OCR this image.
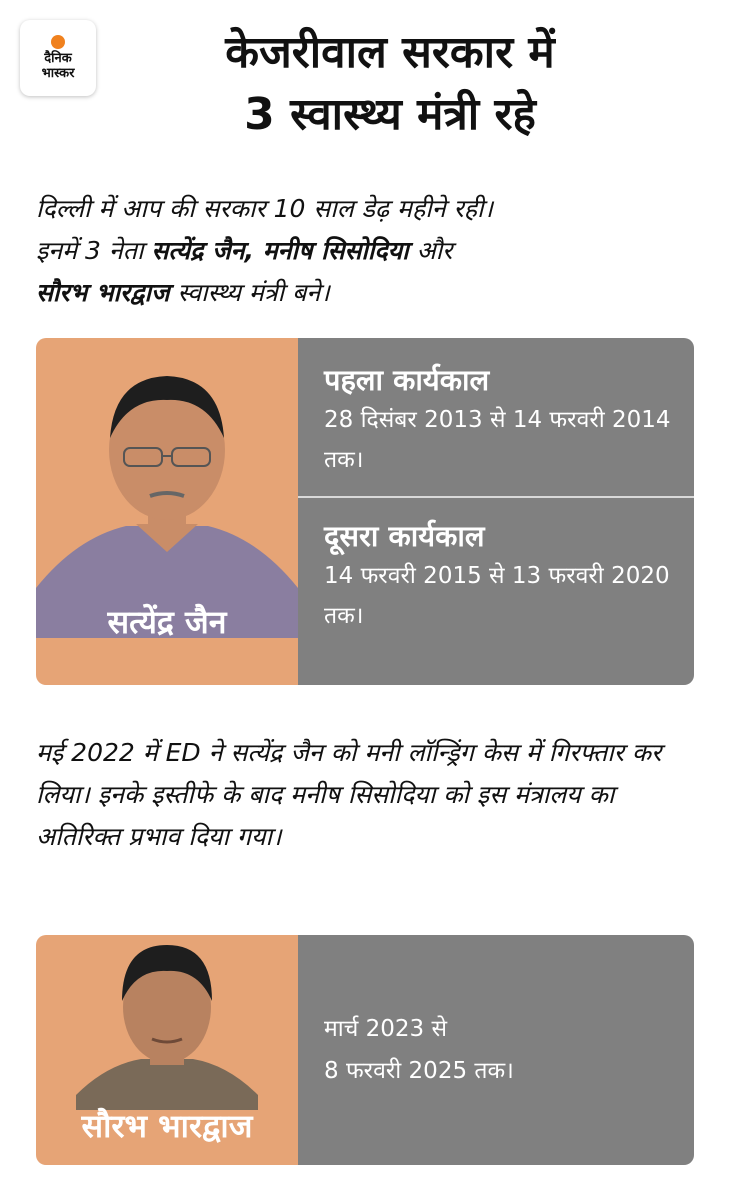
दैनिक
भास्कर	केजरीवाल सरकार में
3 स्वास्थ्य मंत्री रहे
दिल्ली में आप की सरकार 10 साल डेढ़ महीने रही।
इनमें 3 नेता सत्येंद्र जैन, मनीष सिसोदिया और
सौरभ भारद्वाज स्वास्थ्य मंत्री बने।
सत्येंद्र जैन
पहला कार्यकाल
28 दिसंबर 2013 से 14 फरवरी 2014 तक।
दूसरा कार्यकाल
14 फरवरी 2015 से 13 फरवरी 2020 तक।
मई 2022 में ED ने सत्येंद्र जैन को मनी लॉन्ड्रिंग केस में गिरफ्तार कर लिया। इनके इस्तीफे के बाद मनीष सिसोदिया को इस मंत्रालय का अतिरिक्त प्रभाव दिया गया।
सौरभ भारद्वाज
मार्च 2023 से
8 फरवरी 2025 तक।
